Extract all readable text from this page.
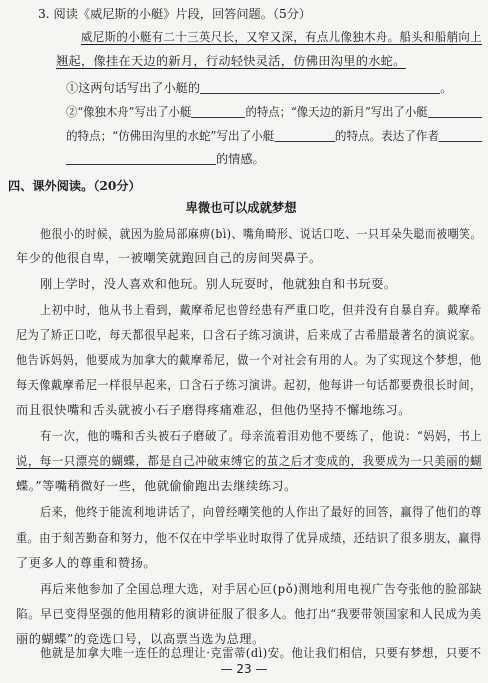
3. 阅读《威尼斯的小艇》片段，回答问题。（5分）
威尼斯的小艇有二十三英尺长，又窄又深，有点儿像独木舟。船头和船艄向上
翘起，像挂在天边的新月，行动轻快灵活，仿佛田沟里的水蛇。
①这两句话写出了小艇的	。
②“像独木舟”写出了小艇	的特点；“像天边的新月”写出了小艇
的特点；“仿佛田沟里的水蛇”写出了小艇	的特点。表达了作者
的情感。
四、课外阅读。（20分）
卑微也可以成就梦想
他很小的时候，就因为脸局部麻痹(bì)、嘴角畸形、说话口吃、一只耳朵失聪而被嘲笑。
年少的他很自卑，一被嘲笑就跑回自己的房间哭鼻子。
刚上学时，没人喜欢和他玩。别人玩耍时，他就独自和书玩耍。
上初中时，他从书上看到，戴摩希尼也曾经患有严重口吃，但并没有自暴自弃。戴摩希
尼为了矫正口吃，每天都很早起来，口含石子练习演讲，后来成了古希腊最著名的演说家。
他告诉妈妈，他要成为加拿大的戴摩希尼，做一个对社会有用的人。为了实现这个梦想，他
每天像戴摩希尼一样很早起来，口含石子练习演讲。起初，他每讲一句话都要费很长时间，
而且很快嘴和舌头就被小石子磨得疼痛难忍，但他仍坚持不懈地练习。
有一次，他的嘴和舌头被石子磨破了。母亲流着泪劝他不要练了，他说：“妈妈，书上
说，每一只漂亮的蝴蝶，都是自己冲破束缚它的茧之后才变成的，我要成为一只美丽的蝴
蝶。”等嘴稍微好一些，他就偷偷跑出去继续练习。
后来，他终于能流利地讲话了，向曾经嘲笑他的人作出了最好的回答，赢得了他们的尊
重。由于刻苦勤奋和努力，他不仅在中学毕业时取得了优异成绩，还结识了很多朋友，赢得
了更多人的尊重和赞扬。
再后来他参加了全国总理大选，对手居心叵(pǒ)测地利用电视广告夸张他的脸部缺
陷。早已变得坚强的他用精彩的演讲征服了很多人。他打出“我要带领国家和人民成为美
丽的蝴蝶”的竞选口号，以高票当选为总理。
他就是加拿大唯一连任的总理让·克雷蒂(dì)安。他让我们相信，只要有梦想，只要不
— 23 —
